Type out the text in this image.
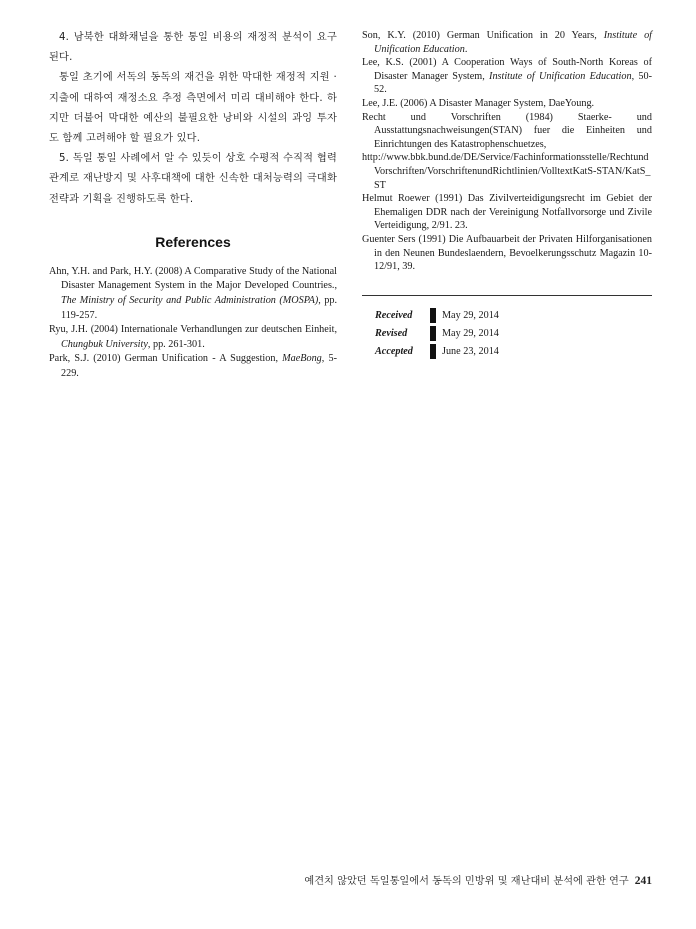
4. 남북한 대화채널을 통한 통일 비용의 재정적 분석이 요구된다.

통일 초기에 서독의 동독의 재건을 위한 막대한 재정적 지원 · 지출에 대하여 재정소요 추정 측면에서 미리 대비해야 한다. 하지만 더불어 막대한 예산의 불필요한 낭비와 시설의 과잉 투자도 함께 고려해야 할 필요가 있다.

5. 독일 통일 사례에서 알 수 있듯이 상호 수평적 수직적 협력관계로 재난방지 및 사후대책에 대한 신속한 대처능력의 극대화 전략과 기획을 진행하도록 한다.

References

Ahn, Y.H. and Park, H.Y. (2008) A Comparative Study of the National Disaster Management System in the Major Developed Countries., The Ministry of Security and Public Administration (MOSPA), pp. 119-257.

Ryu, J.H. (2004) Internationale Verhandlungen zur deutschen Einheit, Chungbuk University, pp. 261-301.

Park, S.J. (2010) German Unification - A Suggestion, MaeBong, 5-229.

Son, K.Y. (2010) German Unification in 20 Years, Institute of Unification Education.

Lee, K.S. (2001) A Cooperation Ways of South-North Koreas of Disaster Manager System, Institute of Unification Education, 50-52.

Lee, J.E. (2006) A Disaster Manager System, DaeYoung.

Recht und Vorschriften (1984) Staerke- und Ausstattungsnachweisungen(STAN) fuer die Einheiten und Einrichtungen des Katastrophenschuetzes,

http://www.bbk.bund.de/DE/Service/Fachinformationsstelle/RechtundVorschriften/VorschriftenundRichtlinien/VolltextKatS-STAN/KatS_ST

Helmut Roewer (1991) Das Zivilverteidigungsrecht im Gebiet der Ehemaligen DDR nach der Vereinigung Notfallvorsorge und Zivile Verteidigung, 2/91. 23.

Guenter Sers (1991) Die Aufbauarbeit der Privaten Hilforganisationen in den Neunen Bundeslaendern, Bevoelkerungsschutz Magazin 10-12/91, 39.

Received	May 29, 2014
Revised	May 29, 2014
Accepted	June 23, 2014
예견치 않았던 독일통일에서 동독의 민방위 및 재난대비 분석에 관한 연구 241
